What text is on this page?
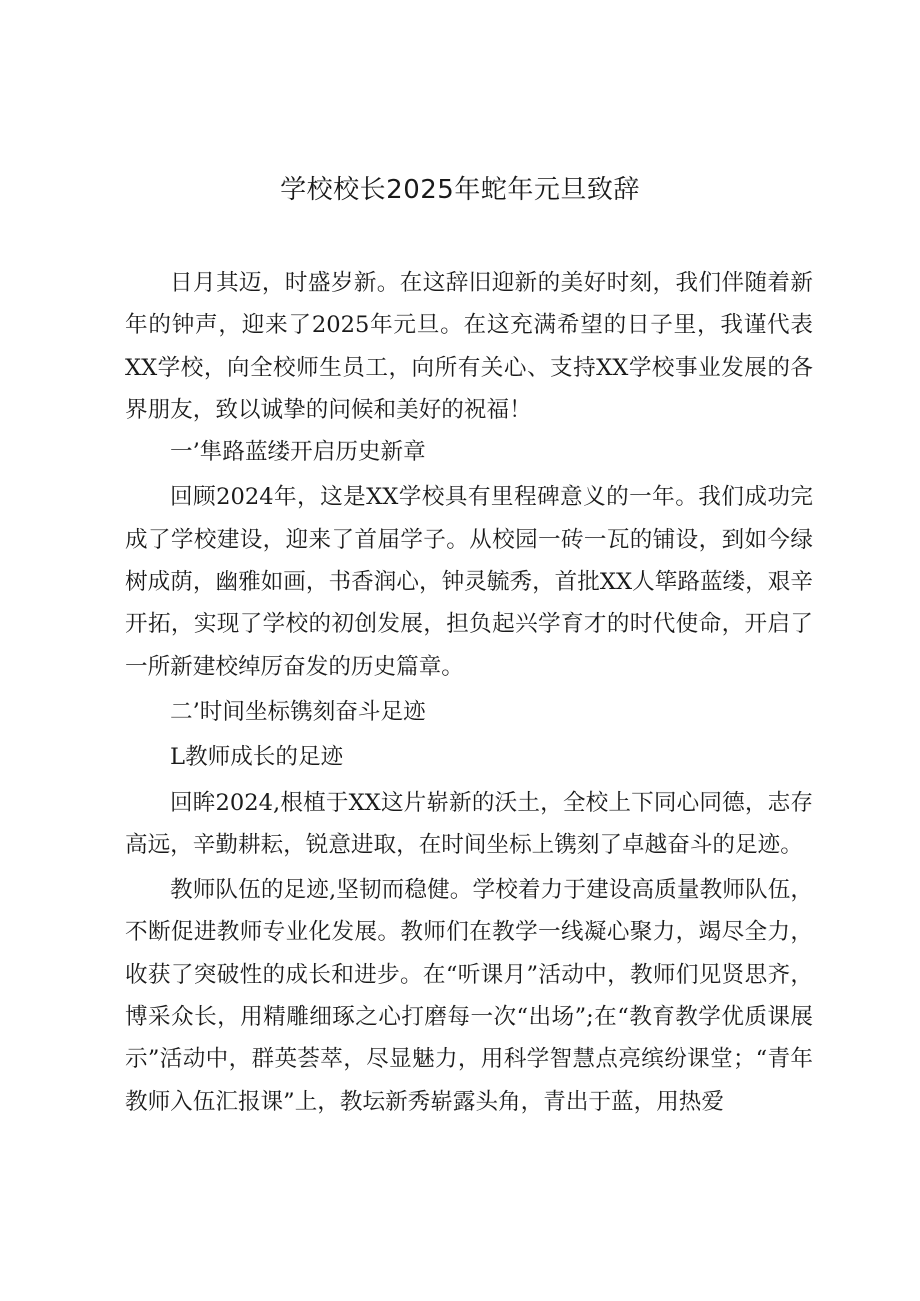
学校校长2025年蛇年元旦致辞

日月其迈，时盛岁新。在这辞旧迎新的美好时刻，我们伴随着新年的钟声，迎来了2025年元旦。在这充满希望的日子里，我谨代表XX学校，向全校师生员工，向所有关心、支持XX学校事业发展的各界朋友，致以诚挚的问候和美好的祝福！

一’隼路蓝缕开启历史新章

回顾2024年，这是XX学校具有里程碑意义的一年。我们成功完成了学校建设，迎来了首届学子。从校园一砖一瓦的铺设，到如今绿树成荫，幽雅如画，书香润心，钟灵毓秀，首批XX人筚路蓝缕，艰辛开拓，实现了学校的初创发展，担负起兴学育才的时代使命，开启了一所新建校绰厉奋发的历史篇章。

二’时间坐标镌刻奋斗足迹

L教师成长的足迹

回眸2024,根植于XX这片崭新的沃土，全校上下同心同德，志存高远，辛勤耕耘，锐意进取，在时间坐标上镌刻了卓越奋斗的足迹。

教师队伍的足迹,坚韧而稳健。学校着力于建设高质量教师队伍，不断促进教师专业化发展。教师们在教学一线凝心聚力，竭尽全力，收获了突破性的成长和进步。在“听课月”活动中，教师们见贤思齐，博采众长，用精雕细琢之心打磨每一次“出场”;在“教育教学优质课展示”活动中，群英荟萃，尽显魅力，用科学智慧点亮缤纷课堂；“青年教师入伍汇报课”上，教坛新秀崭露头角，青出于蓝，用热爱
